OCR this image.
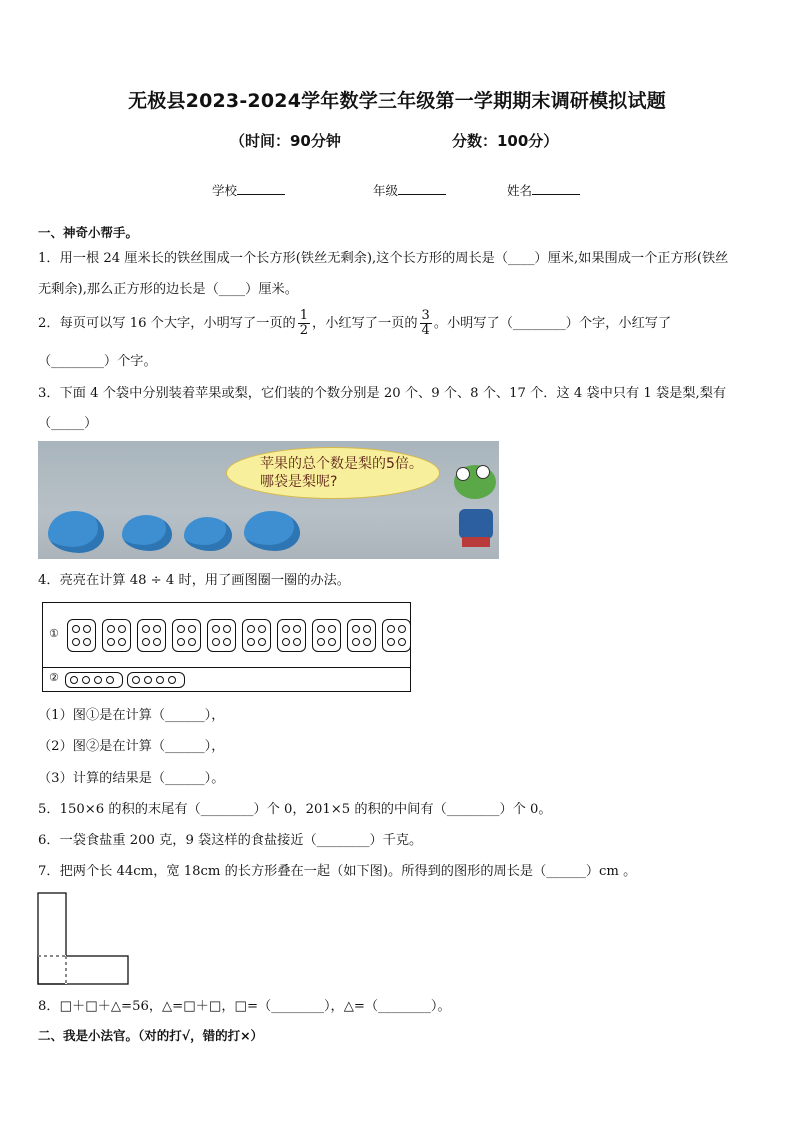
无极县2023-2024学年数学三年级第一学期期末调研模拟试题
（时间：90分钟	分数：100分）
学校	年级	姓名
一、神奇小帮手。
1．用一根 24 厘米长的铁丝围成一个长方形(铁丝无剩余),这个长方形的周长是（____）厘米,如果围成一个正方形(铁丝
无剩余),那么正方形的边长是（____）厘米。
2．每页可以写 16 个大字，小明写了一页的 $\frac{1}{2}$ ，小红写了一页的 $\frac{3}{4}$ 。小明写了（________）个字，小红写了
（________）个字。
3．下面 4 个袋中分别装着苹果或梨，它们装的个数分别是 20 个、9 个、8 个、17 个．这 4 袋中只有 1 袋是梨,梨有
（_____）
苹果的总个数是梨的5倍。
哪袋是梨呢?
4．亮亮在计算 48 ÷ 4 时，用了画图圈一圈的办法。
①
②
（1）图①是在计算（______），
（2）图②是在计算（______），
（3）计算的结果是（______）。
5．150×6 的积的末尾有（________）个 0，201×5 的积的中间有（________）个 0。
6．一袋食盐重 200 克，9 袋这样的食盐接近（________）千克。
7．把两个长 44cm，宽 18cm 的长方形叠在一起（如下图)。所得到的图形的周长是（______）cm 。
8．□＋□＋△=56，△=□＋□，□=（________），△=（________）。
二、我是小法官。（对的打√，错的打×）
